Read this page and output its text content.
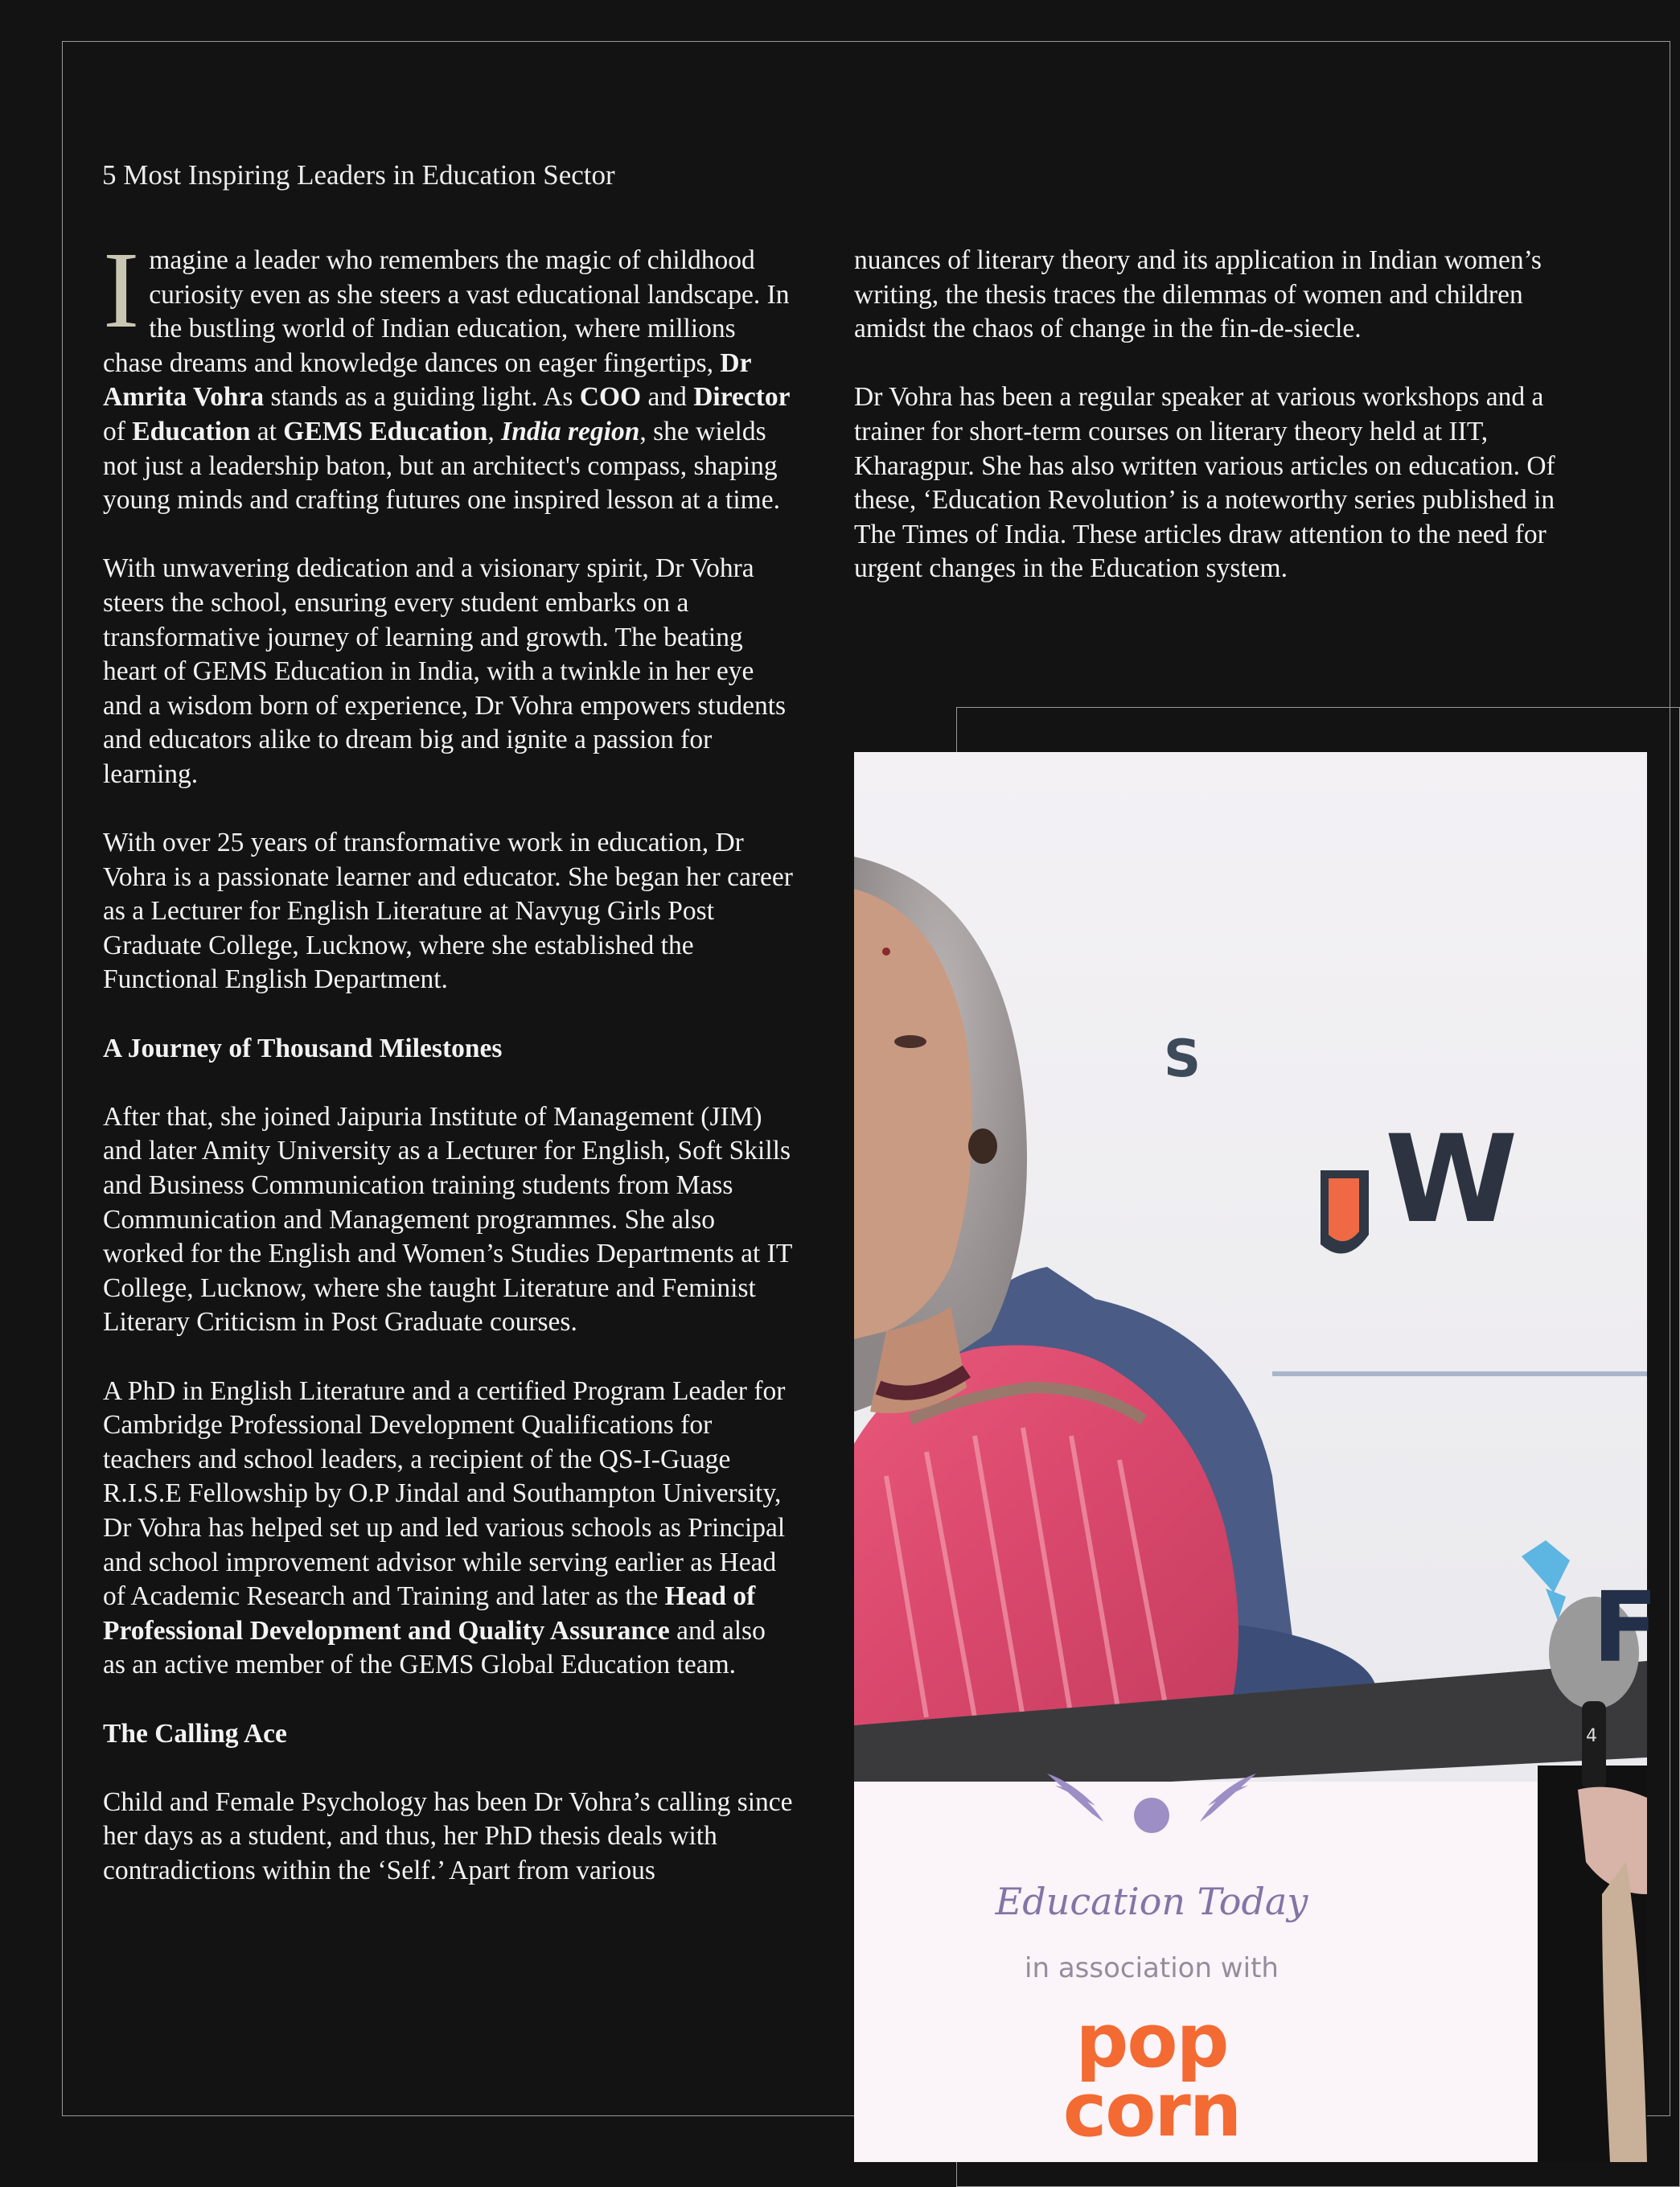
5 Most Inspiring Leaders in Education Sector

Imagine a leader who remembers the magic of childhood curiosity even as she steers a vast educational landscape. In the bustling world of Indian education, where millions chase dreams and knowledge dances on eager fingertips, Dr Amrita Vohra stands as a guiding light. As COO and Director of Education at GEMS Education, India region, she wields not just a leadership baton, but an architect's compass, shaping young minds and crafting futures one inspired lesson at a time.

With unwavering dedication and a visionary spirit, Dr Vohra steers the school, ensuring every student embarks on a transformative journey of learning and growth. The beating heart of GEMS Education in India, with a twinkle in her eye and a wisdom born of experience, Dr Vohra empowers students and educators alike to dream big and ignite a passion for learning.

With over 25 years of transformative work in education, Dr Vohra is a passionate learner and educator. She began her career as a Lecturer for English Literature at Navyug Girls Post Graduate College, Lucknow, where she established the Functional English Department.

A Journey of Thousand Milestones

After that, she joined Jaipuria Institute of Management (JIM) and later Amity University as a Lecturer for English, Soft Skills and Business Communication training students from Mass Communication and Management programmes. She also worked for the English and Women’s Studies Departments at IT College, Lucknow, where she taught Literature and Feminist Literary Criticism in Post Graduate courses.

A PhD in English Literature and a certified Program Leader for Cambridge Professional Development Qualifications for teachers and school leaders, a recipient of the QS-I-Guage R.I.S.E Fellowship by O.P Jindal and Southampton University, Dr Vohra has helped set up and led various schools as Principal and school improvement advisor while serving earlier as Head of Academic Research and Training and later as the Head of Professional Development and Quality Assurance and also as an active member of the GEMS Global Education team.

The Calling Ace

Child and Female Psychology has been Dr Vohra’s calling since her days as a student, and thus, her PhD thesis deals with contradictions within the ‘Self.’ Apart from various

nuances of literary theory and its application in Indian women’s writing, the thesis traces the dilemmas of women and children amidst the chaos of change in the fin-de-siecle.

Dr Vohra has been a regular speaker at various workshops and a trainer for short-term courses on literary theory held at IIT, Kharagpur. She has also written various articles on education. Of these, ‘Education Revolution’ is a noteworthy series published in The Times of India. These articles draw attention to the need for urgent changes in the Education system.

4
S
W
F
Education Today
in association with
pop
corn
